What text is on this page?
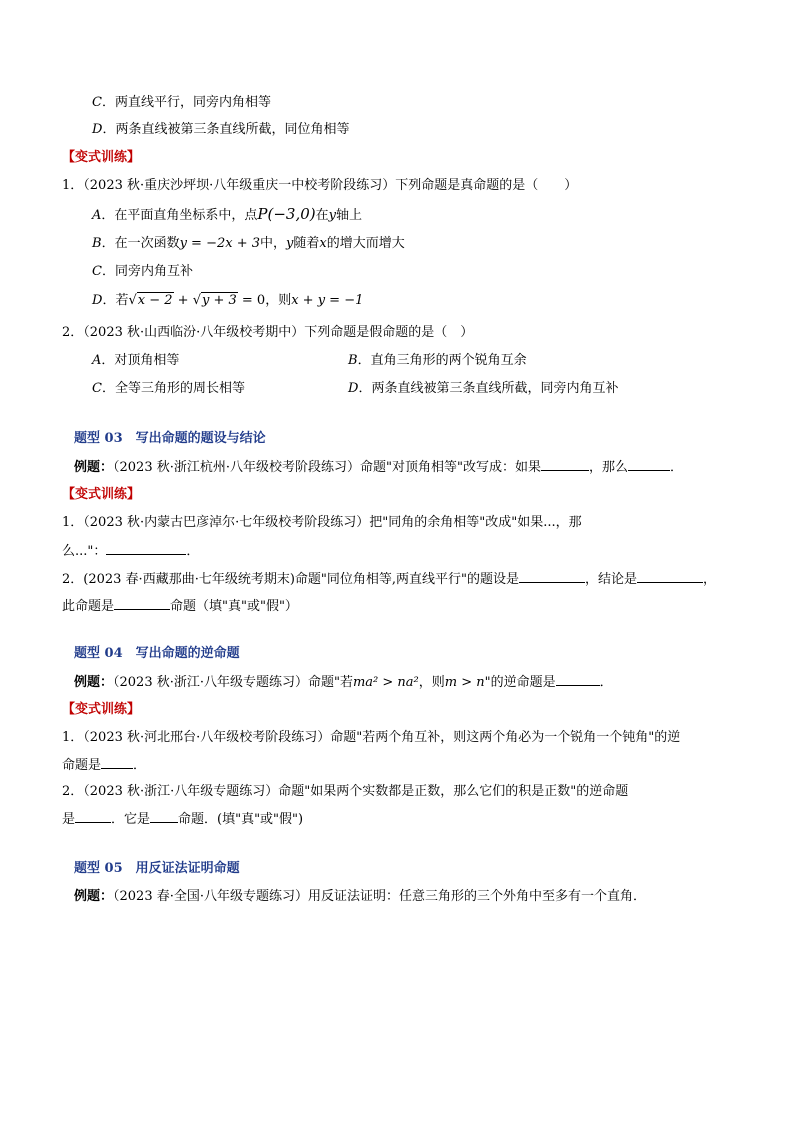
C．两直线平行，同旁内角相等
D．两条直线被第三条直线所截，同位角相等
【变式训练】
1．（2023 秋·重庆沙坪坝·八年级重庆一中校考阶段练习）下列命题是真命题的是（　　）
A．在平面直角坐标系中，点P(−3,0)在y轴上
B．在一次函数y = −2x + 3中，y随着x的增大而增大
C．同旁内角互补
D．若√x − 2 + √y + 3 = 0，则x + y = −1
2．（2023 秋·山西临汾·八年级校考期中）下列命题是假命题的是（　）
A．对顶角相等	B．直角三角形的两个锐角互余
C．全等三角形的周长相等	D．两条直线被第三条直线所截，同旁内角互补
题型 03　写出命题的题设与结论
例题：（2023 秋·浙江杭州·八年级校考阶段练习）命题"对顶角相等"改写成：如果	，那么	．
【变式训练】
1．（2023 秋·内蒙古巴彦淖尔·七年级校考阶段练习）把"同角的余角相等"改成"如果...，那
么..."：	．
2．(2023 春·西藏那曲·七年级统考期末)命题"同位角相等,两直线平行"的题设是	，结论是	，
此命题是	命题（填"真"或"假"）
题型 04　写出命题的逆命题
例题：（2023 秋·浙江·八年级专题练习）命题"若ma² > na²，则m > n"的逆命题是	．
【变式训练】
1．（2023 秋·河北邢台·八年级校考阶段练习）命题"若两个角互补，则这两个角必为一个锐角一个钝角"的逆
命题是 ．
2．（2023 秋·浙江·八年级专题练习）命题"如果两个实数都是正数，那么它们的积是正数"的逆命题
是	．它是 命题．(填"真"或"假")
题型 05　用反证法证明命题
例题：（2023 春·全国·八年级专题练习）用反证法证明：任意三角形的三个外角中至多有一个直角．
